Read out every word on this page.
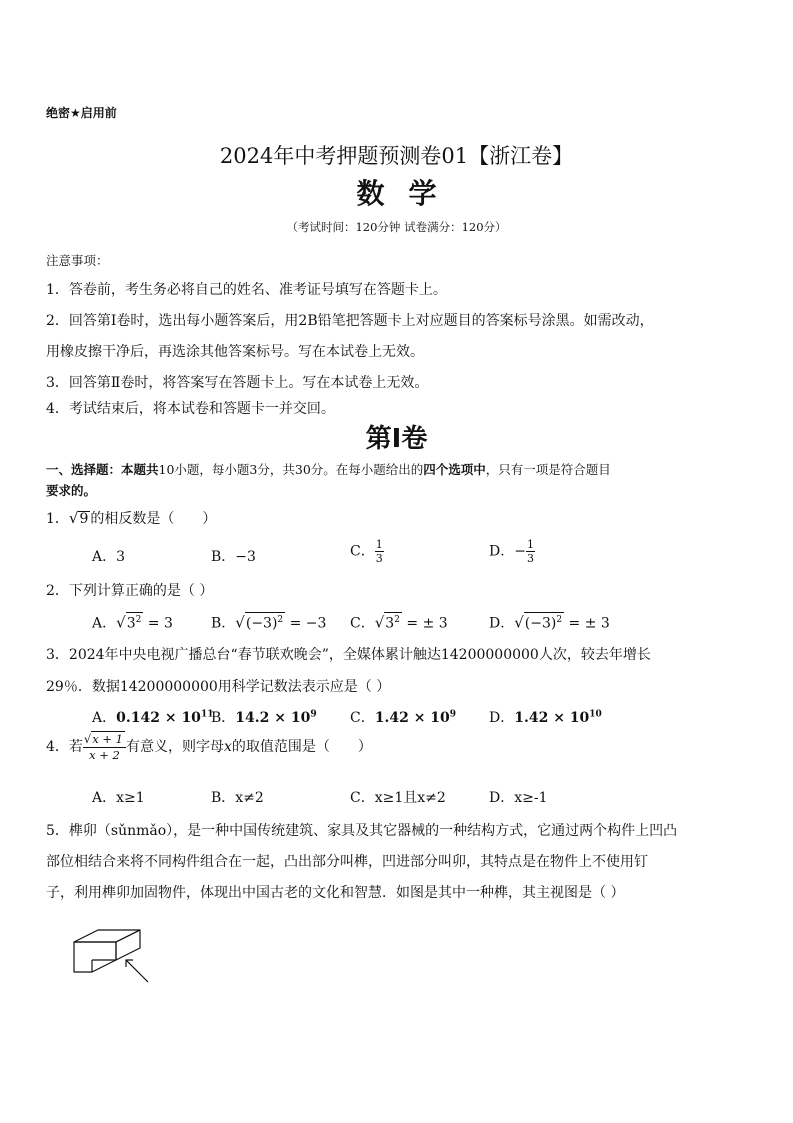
绝密★启用前
2024年中考押题预测卷01【浙江卷】
数学
（考试时间：120分钟 试卷满分：120分）
注意事项：
1．答卷前，考生务必将自己的姓名、准考证号填写在答题卡上。
2．回答第Ⅰ卷时，选出每小题答案后，用2B铅笔把答题卡上对应题目的答案标号涂黑。如需改动，
用橡皮擦干净后，再选涂其他答案标号。写在本试卷上无效。
3．回答第Ⅱ卷时，将答案写在答题卡上。写在本试卷上无效。
4．考试结束后，将本试卷和答题卡一并交回。
第Ⅰ卷
一、选择题：本题共10小题，每小题3分，共30分。在每小题给出的四个选项中，只有一项是符合题目
要求的。
1．√9 的相反数是（　　）
A．3	B．−3	C． $\frac{1}{3}$	D．− $\frac{1}{3}$
2．下列计算正确的是（ ）
A．$√3^2 = 3$	B．$√(-3)^2 = -3$ C．$√3^2$ = ± 3	D．$√(-3)^2$ = ± 3
3．2024年中央电视广播总台“春节联欢晚会”，全媒体累计触达14200000000人次，较去年增长
29％．数据14200000000用科学记数法表示应是（ ）
A．$0.142 \times 10^{11}$
B．$14.2 \times 10^9$ C．$1.42 \times 10^9$ D．$1.42 \times 10^{10}$
4．若 $\frac{√x + 1}{x + 2}$ 有意义，则字母x的取值范围是（　　）
A．x≥1	B．x≠2	C．x≥1且x≠2	D．x≥-1
5．榫卯（sǔnmǎo），是一种中国传统建筑、家具及其它器械的一种结构方式，它通过两个构件上凹凸
部位相结合来将不同构件组合在一起，凸出部分叫榫，凹进部分叫卯，其特点是在物件上不使用钉
子，利用榫卯加固物件，体现出中国古老的文化和智慧．如图是其中一种榫，其主视图是（ ）
